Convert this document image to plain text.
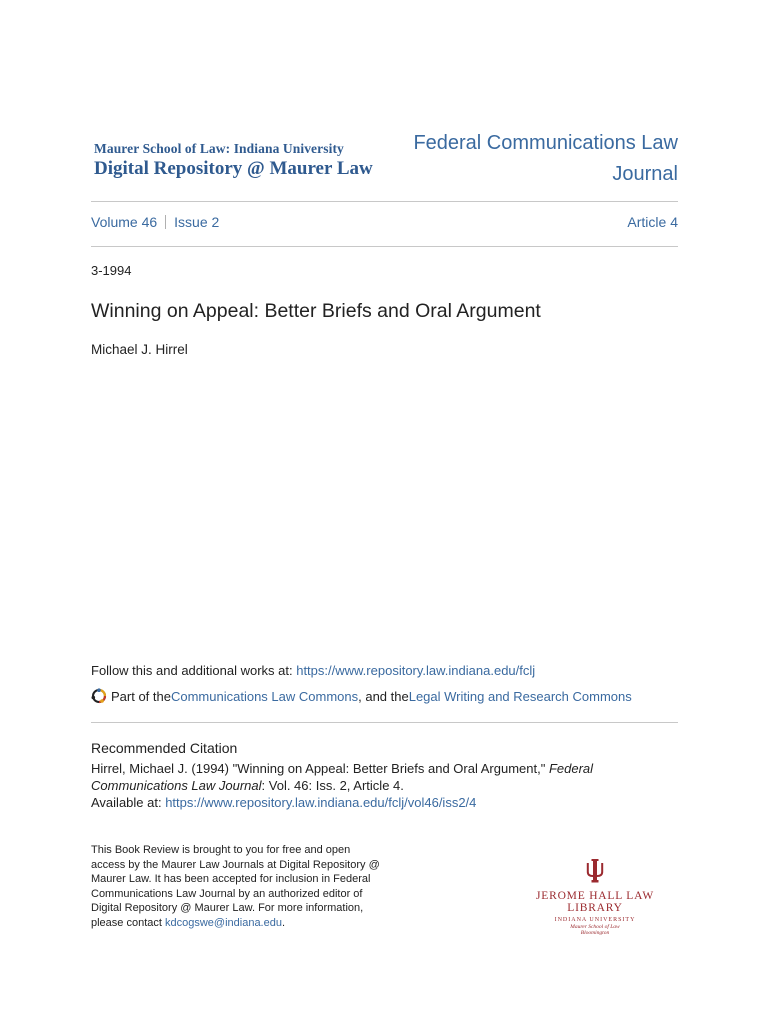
Maurer School of Law: Indiana University
Digital Repository @ Maurer Law
Federal Communications Law Journal
Volume 46 Issue 2	Article 4
3-1994
Winning on Appeal: Better Briefs and Oral Argument
Michael J. Hirrel
Follow this and additional works at: https://www.repository.law.indiana.edu/fclj
Part of the Communications Law Commons , and the Legal Writing and Research Commons
Recommended Citation
Hirrel, Michael J. (1994) "Winning on Appeal: Better Briefs and Oral Argument," Federal Communications Law Journal: Vol. 46: Iss. 2, Article 4.
Available at: https://www.repository.law.indiana.edu/fclj/vol46/iss2/4
This Book Review is brought to you for free and open access by the Maurer Law Journals at Digital Repository @ Maurer Law. It has been accepted for inclusion in Federal Communications Law Journal by an authorized editor of Digital Repository @ Maurer Law. For more information, please contact kdcogswe@indiana.edu.
JEROME HALL LAW LIBRARY
INDIANA UNIVERSITY
Maurer School of Law
Bloomington
